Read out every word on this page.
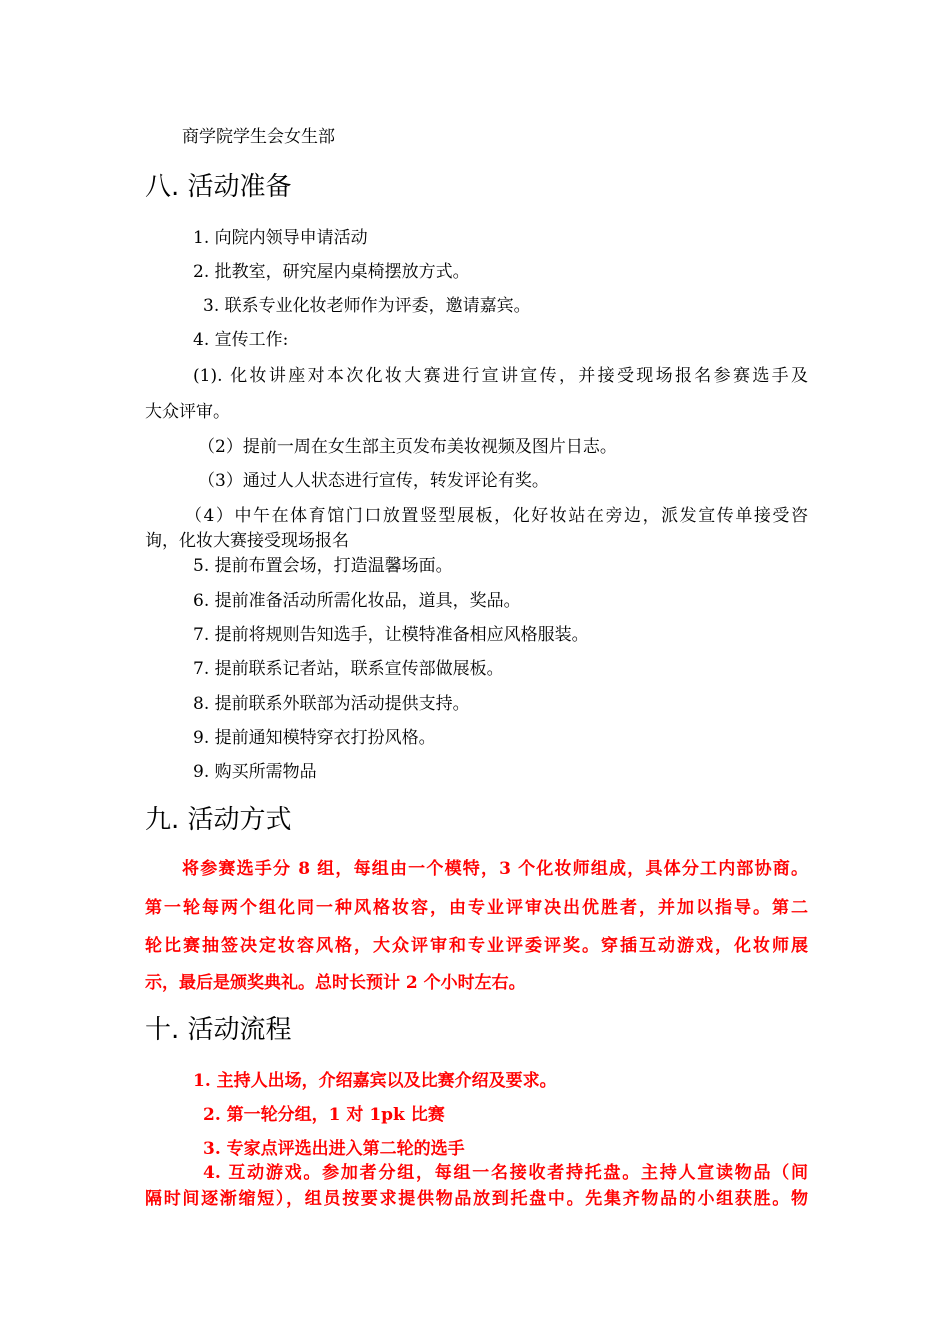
商学院学生会女生部
八. 活动准备
1. 向院内领导申请活动
2. 批教室，研究屋内桌椅摆放方式。
3. 联系专业化妆老师作为评委，邀请嘉宾。
4. 宣传工作:
(1). 化妆讲座对本次化妆大赛进行宣讲宣传，并接受现场报名参赛选手及
大众评审。
（2）提前一周在女生部主页发布美妆视频及图片日志。
（3）通过人人状态进行宣传，转发评论有奖。
（4）中午在体育馆门口放置竖型展板，化好妆站在旁边，派发宣传单接受咨
询，化妆大赛接受现场报名
5. 提前布置会场，打造温馨场面。
6. 提前准备活动所需化妆品，道具，奖品。
7. 提前将规则告知选手，让模特准备相应风格服装。
7. 提前联系记者站，联系宣传部做展板。
8. 提前联系外联部为活动提供支持。
9. 提前通知模特穿衣打扮风格。
9. 购买所需物品
九. 活动方式
将参赛选手分 8 组，每组由一个模特，3 个化妆师组成，具体分工内部协商。
第一轮每两个组化同一种风格妆容，由专业评审决出优胜者，并加以指导。第二
轮比赛抽签决定妆容风格，大众评审和专业评委评奖。穿插互动游戏，化妆师展
示，最后是颁奖典礼。总时长预计 2 个小时左右。
十. 活动流程
1. 主持人出场，介绍嘉宾以及比赛介绍及要求。
2. 第一轮分组，1 对 1pk 比赛
3. 专家点评选出进入第二轮的选手
4. 互动游戏。参加者分组，每组一名接收者持托盘。主持人宣读物品（间
隔时间逐渐缩短），组员按要求提供物品放到托盘中。先集齐物品的小组获胜。物
